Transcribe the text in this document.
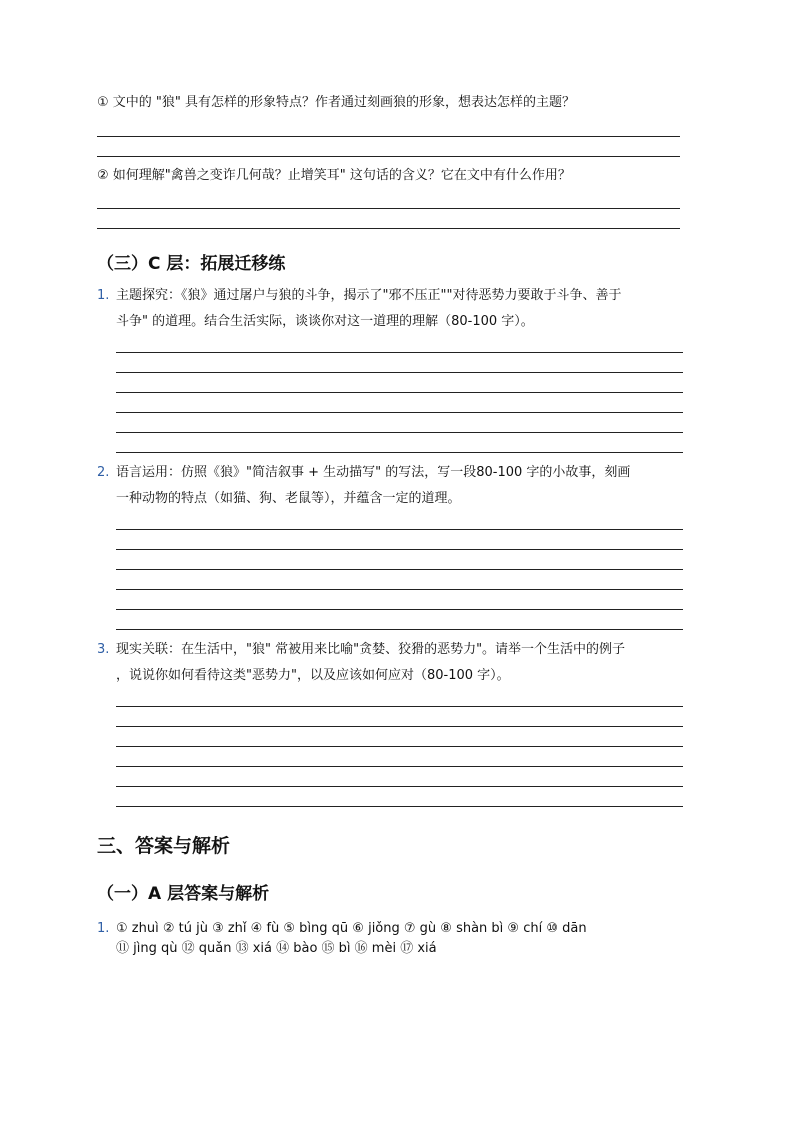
① 文中的 "狼" 具有怎样的形象特点？作者通过刻画狼的形象，想表达怎样的主题？
② 如何理解"禽兽之变诈几何哉？止增笑耳" 这句话的含义？它在文中有什么作用？
（三）C 层：拓展迁移练
1. 主题探究：《狼》通过屠户与狼的斗争，揭示了"邪不压正""对待恶势力要敢于斗争、善于
斗争" 的道理。结合生活实际，谈谈你对这一道理的理解（80-100 字）。
2. 语言运用：仿照《狼》"简洁叙事 + 生动描写" 的写法，写一段80-100 字的小故事，刻画
一种动物的特点（如猫、狗、老鼠等），并蕴含一定的道理。
3. 现实关联：在生活中，"狼" 常被用来比喻"贪婪、狡猾的恶势力"。请举一个生活中的例子
，说说你如何看待这类"恶势力"，以及应该如何应对（80-100 字）。
三、答案与解析
（一）A 层答案与解析
1. ① zhuì ② tú jù ③ zhǐ ④ fù ⑤ bìng qū ⑥ jiǒng ⑦ gù ⑧ shàn bì ⑨ chí ⑩ dān
⑪ jìng qù ⑫ quǎn ⑬ xiá ⑭ bào ⑮ bì ⑯ mèi ⑰ xiá
